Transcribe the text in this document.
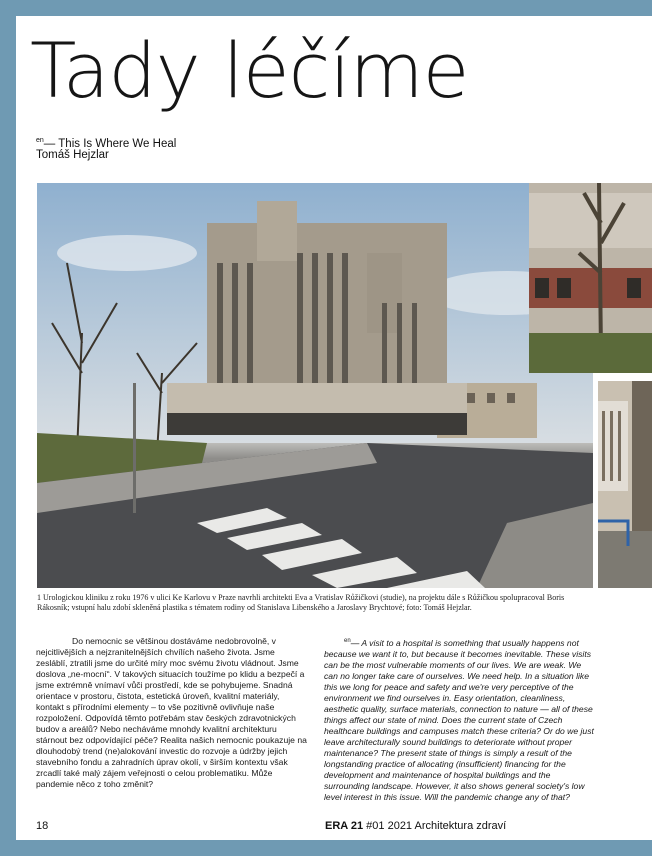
Tady léčíme
$^{en}$— This Is Where We Heal
Tomáš Hejzlar
1 Urologickou kliniku z roku 1976 v ulici Ke Karlovu v Praze navrhli architekti Eva a Vratislav Růžičkovi (studie), na projektu dále s Růžičkou spolupracoval Boris Rákosník; vstupní halu zdobí skleněná plastika s tématem rodiny od Stanislava Libenského a Jaroslavy Brychtové; foto: Tomáš Hejzlar.
Do nemocnic se většinou dostáváme nedobrovolně, v nejcitlivějších a nejzranitelnějších chvílích našeho života. Jsme zesláblí, ztratili jsme do určité míry moc svému životu vládnout. Jsme doslova „ne-mocní“. V takových situacích toužíme po klidu a bezpečí a jsme extrémně vnímaví vůči prostředí, kde se pohybujeme. Snadná orientace v prostoru, čistota, estetická úroveň, kvalitní materiály, kontakt s přírodními elementy – to vše pozitivně ovlivňuje naše rozpoložení. Odpovídá těmto potřebám stav českých zdravotnických budov a areálů? Nebo necháváme mnohdy kvalitní architekturu stárnout bez odpovídající péče? Realita našich nemocnic poukazuje na dlouhodobý trend (ne)alokování investic do rozvoje a údržby jejich stavebního fondu a zahradních úprav okolí, v širším kontextu však zrcadlí také malý zájem veřejnosti o celou problematiku. Může pandemie něco z toho změnit?
$^{en}$— A visit to a hospital is something that usually happens not because we want it to, but because it becomes inevitable. These visits can be the most vulnerable moments of our lives. We are weak. We can no longer take care of ourselves. We need help. In a situation like this we long for peace and safety and we're very perceptive of the environment we find ourselves in. Easy orientation, cleanliness, aesthetic quality, surface materials, connection to nature — all of these things affect our state of mind. Does the current state of Czech healthcare buildings and campuses match these criteria? Or do we just leave architecturally sound buildings to deteriorate without proper maintenance? The present state of things is simply a result of the longstanding practice of allocating (insufficient) financing for the development and maintenance of hospital buildings and the surrounding landscape. However, it also shows general society's low level interest in this issue. Will the pandemic change any of that?
18	ERA 21 #01 2021 Architektura zdraví
